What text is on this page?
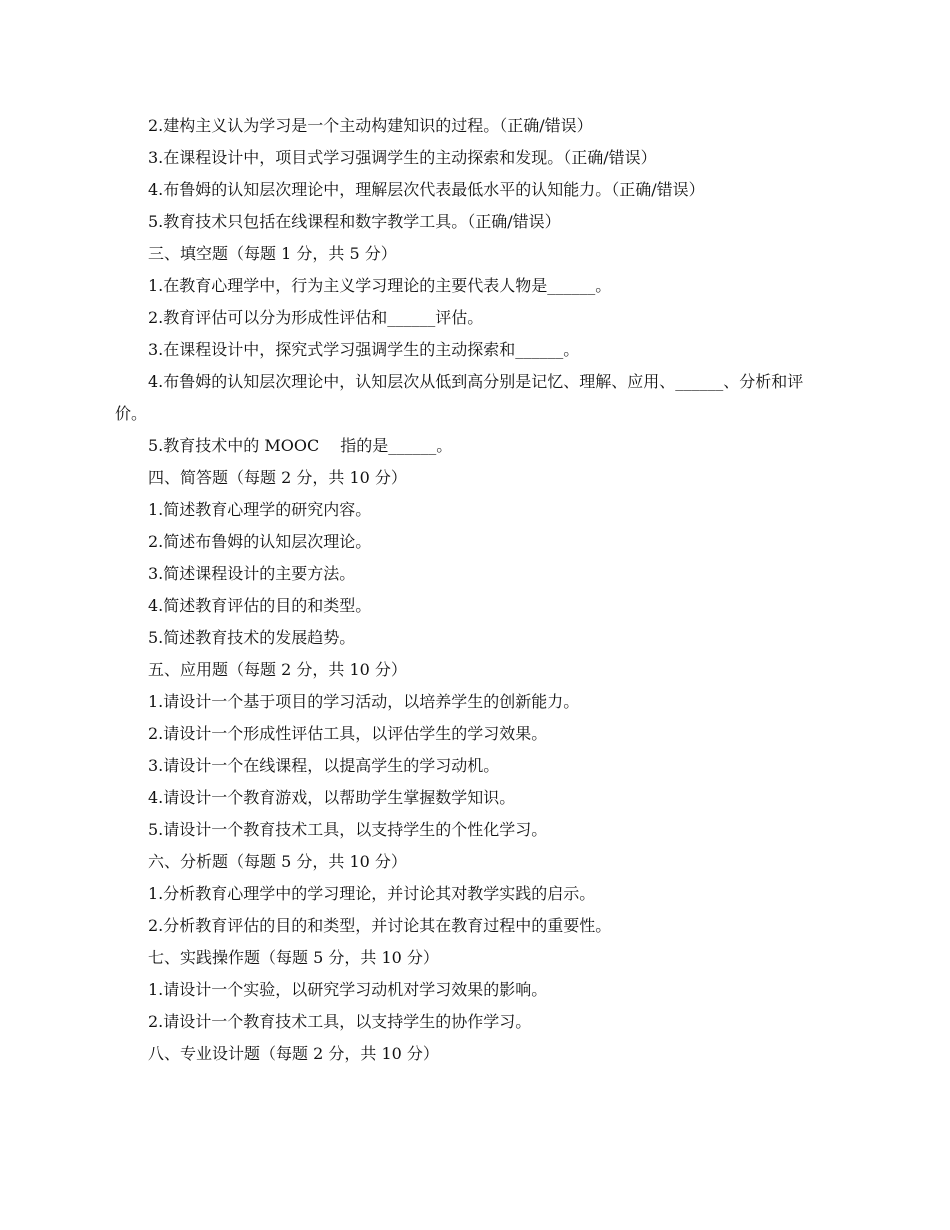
2.建构主义认为学习是一个主动构建知识的过程。（正确/错误）
3.在课程设计中，项目式学习强调学生的主动探索和发现。（正确/错误）
4.布鲁姆的认知层次理论中，理解层次代表最低水平的认知能力。（正确/错误）
5.教育技术只包括在线课程和数字教学工具。（正确/错误）
三、填空题（每题 1 分，共 5 分）
1.在教育心理学中，行为主义学习理论的主要代表人物是______。
2.教育评估可以分为形成性评估和______评估。
3.在课程设计中，探究式学习强调学生的主动探索和______。
4.布鲁姆的认知层次理论中，认知层次从低到高分别是记忆、理解、应用、______、分析和评价。
5.教育技术中的 MOOC　 指的是______。
四、简答题（每题 2 分，共 10 分）
1.简述教育心理学的研究内容。
2.简述布鲁姆的认知层次理论。
3.简述课程设计的主要方法。
4.简述教育评估的目的和类型。
5.简述教育技术的发展趋势。
五、应用题（每题 2 分，共 10 分）
1.请设计一个基于项目的学习活动，以培养学生的创新能力。
2.请设计一个形成性评估工具，以评估学生的学习效果。
3.请设计一个在线课程，以提高学生的学习动机。
4.请设计一个教育游戏，以帮助学生掌握数学知识。
5.请设计一个教育技术工具，以支持学生的个性化学习。
六、分析题（每题 5 分，共 10 分）
1.分析教育心理学中的学习理论，并讨论其对教学实践的启示。
2.分析教育评估的目的和类型，并讨论其在教育过程中的重要性。
七、实践操作题（每题 5 分，共 10 分）
1.请设计一个实验，以研究学习动机对学习效果的影响。
2.请设计一个教育技术工具，以支持学生的协作学习。
八、专业设计题（每题 2 分，共 10 分）
